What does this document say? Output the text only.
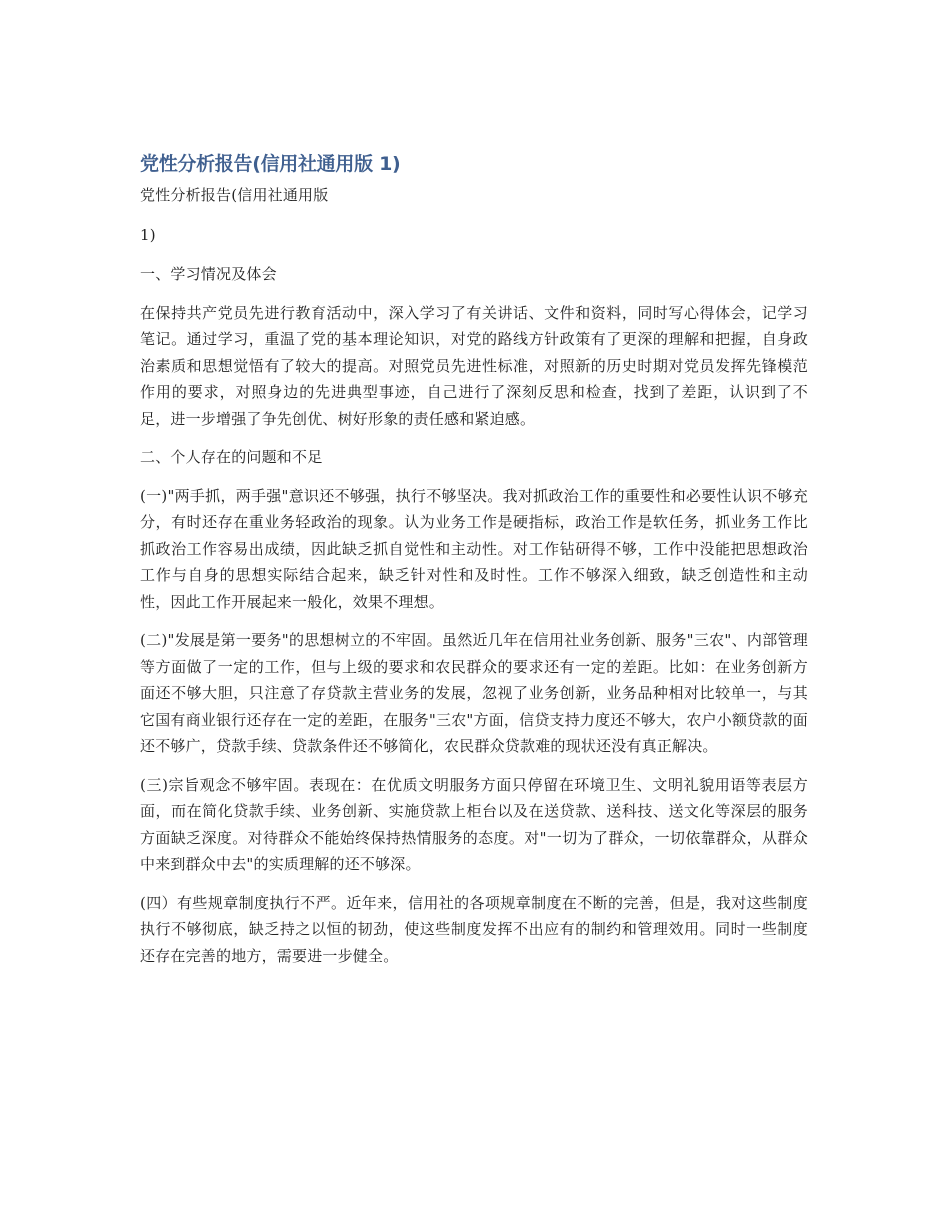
党性分析报告(信用社通用版 1)

党性分析报告(信用社通用版

1)

一、学习情况及体会

在保持共产党员先进行教育活动中，深入学习了有关讲话、文件和资料，同时写心得体会，记学习笔记。通过学习，重温了党的基本理论知识，对党的路线方针政策有了更深的理解和把握，自身政治素质和思想觉悟有了较大的提高。对照党员先进性标准，对照新的历史时期对党员发挥先锋模范作用的要求，对照身边的先进典型事迹，自己进行了深刻反思和检查，找到了差距，认识到了不足，进一步增强了争先创优、树好形象的责任感和紧迫感。

二、个人存在的问题和不足

(一)"两手抓，两手强"意识还不够强，执行不够坚决。我对抓政治工作的重要性和必要性认识不够充分，有时还存在重业务轻政治的现象。认为业务工作是硬指标，政治工作是软任务，抓业务工作比抓政治工作容易出成绩，因此缺乏抓自觉性和主动性。对工作钻研得不够，工作中没能把思想政治工作与自身的思想实际结合起来，缺乏针对性和及时性。工作不够深入细致，缺乏创造性和主动性，因此工作开展起来一般化，效果不理想。

(二)"发展是第一要务"的思想树立的不牢固。虽然近几年在信用社业务创新、服务"三农"、内部管理等方面做了一定的工作，但与上级的要求和农民群众的要求还有一定的差距。比如：在业务创新方面还不够大胆，只注意了存贷款主营业务的发展，忽视了业务创新，业务品种相对比较单一，与其它国有商业银行还存在一定的差距，在服务"三农"方面，信贷支持力度还不够大，农户小额贷款的面还不够广，贷款手续、贷款条件还不够简化，农民群众贷款难的现状还没有真正解决。

(三)宗旨观念不够牢固。表现在：在优质文明服务方面只停留在环境卫生、文明礼貌用语等表层方面，而在简化贷款手续、业务创新、实施贷款上柜台以及在送贷款、送科技、送文化等深层的服务方面缺乏深度。对待群众不能始终保持热情服务的态度。对"一切为了群众，一切依靠群众，从群众中来到群众中去"的实质理解的还不够深。

(四）有些规章制度执行不严。近年来，信用社的各项规章制度在不断的完善，但是，我对这些制度执行不够彻底，缺乏持之以恒的韧劲，使这些制度发挥不出应有的制约和管理效用。同时一些制度还存在完善的地方，需要进一步健全。
